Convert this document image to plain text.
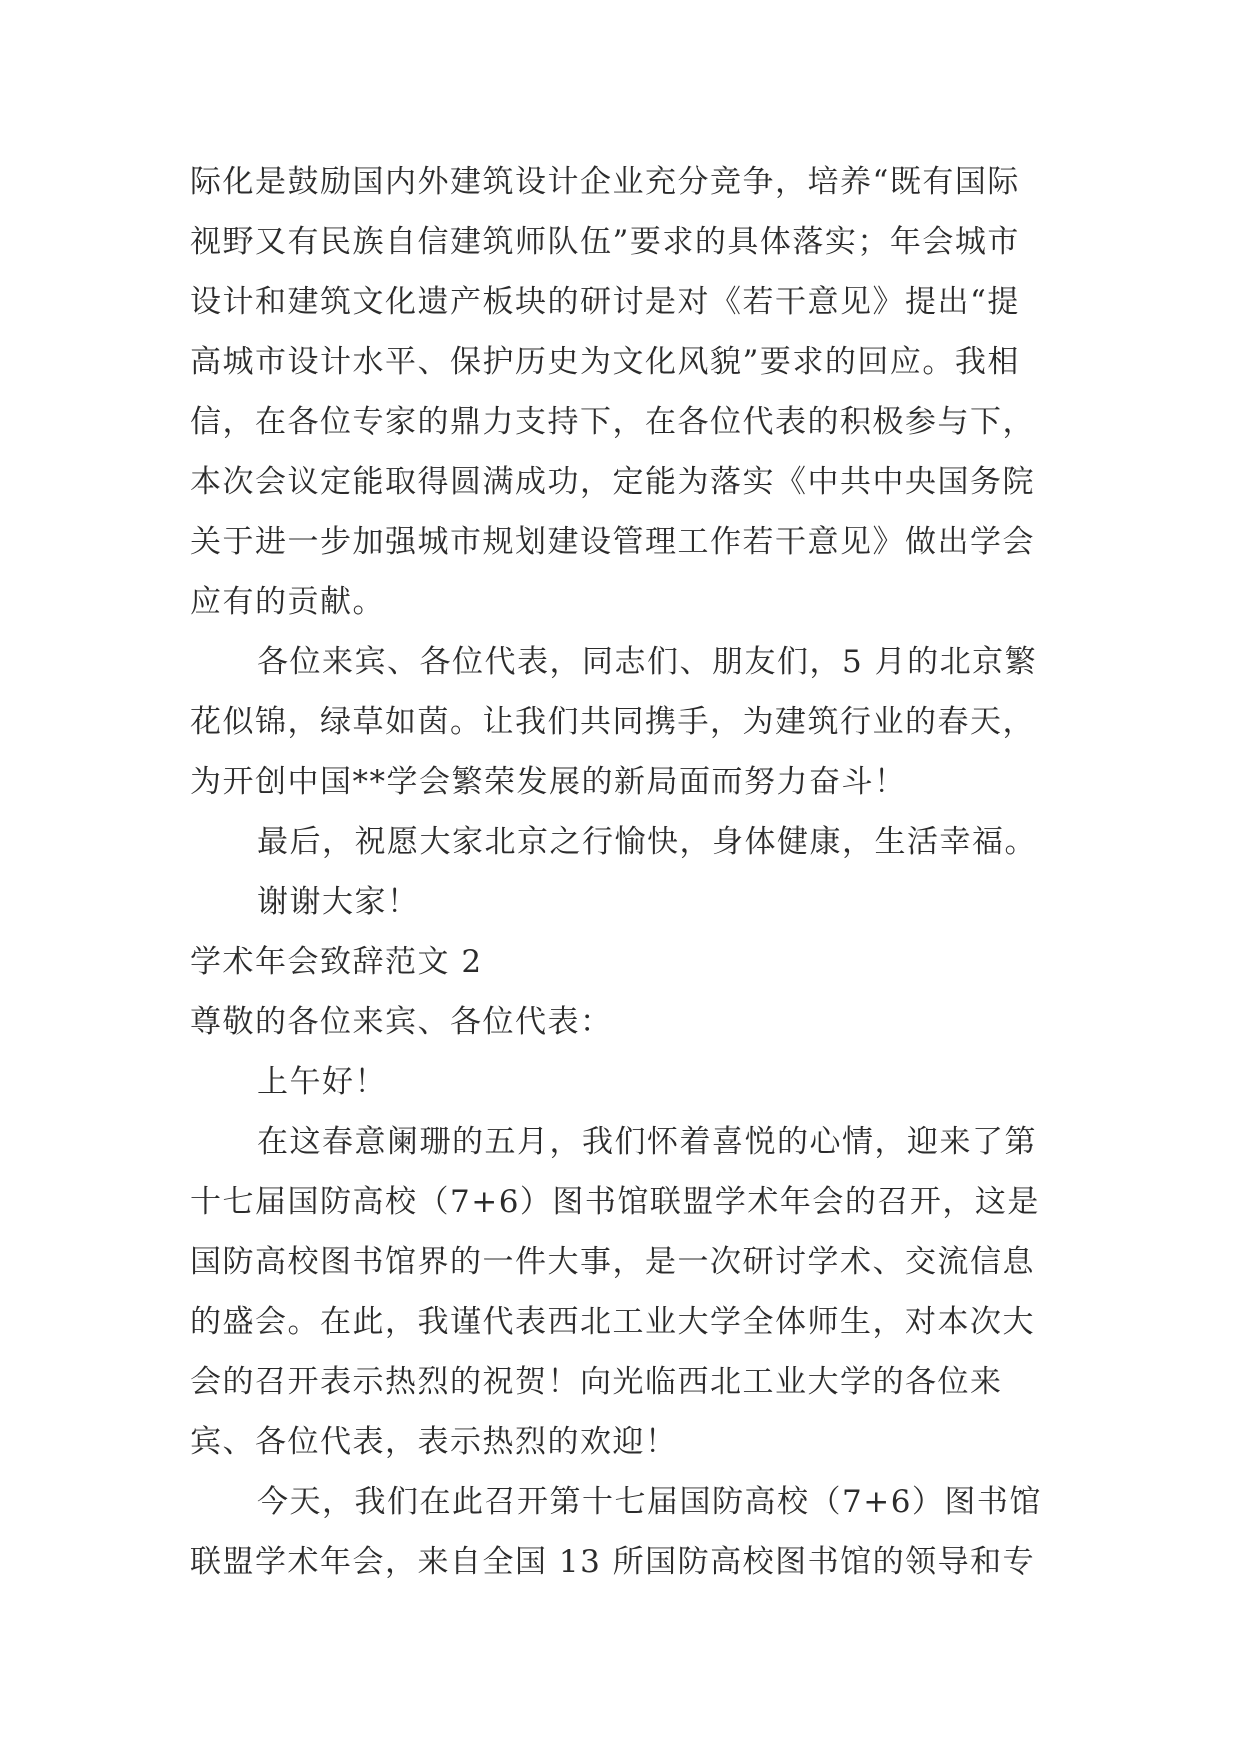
际化是鼓励国内外建筑设计企业充分竞争，培养“既有国际
视野又有民族自信建筑师队伍”要求的具体落实；年会城市
设计和建筑文化遗产板块的研讨是对《若干意见》提出“提
高城市设计水平、保护历史为文化风貌”要求的回应。我相
信，在各位专家的鼎力支持下，在各位代表的积极参与下，
本次会议定能取得圆满成功，定能为落实《中共中央国务院
关于进一步加强城市规划建设管理工作若干意见》做出学会
应有的贡献。
各位来宾、各位代表，同志们、朋友们，5 月的北京繁
花似锦，绿草如茵。让我们共同携手，为建筑行业的春天，
为开创中国**学会繁荣发展的新局面而努力奋斗！
最后，祝愿大家北京之行愉快，身体健康，生活幸福。
谢谢大家！
学术年会致辞范文 2
尊敬的各位来宾、各位代表：
上午好！
在这春意阑珊的五月，我们怀着喜悦的心情，迎来了第
十七届国防高校（7+6）图书馆联盟学术年会的召开，这是
国防高校图书馆界的一件大事，是一次研讨学术、交流信息
的盛会。在此，我谨代表西北工业大学全体师生，对本次大
会的召开表示热烈的祝贺！向光临西北工业大学的各位来
宾、各位代表，表示热烈的欢迎！
今天，我们在此召开第十七届国防高校（7+6）图书馆
联盟学术年会，来自全国 13 所国防高校图书馆的领导和专
